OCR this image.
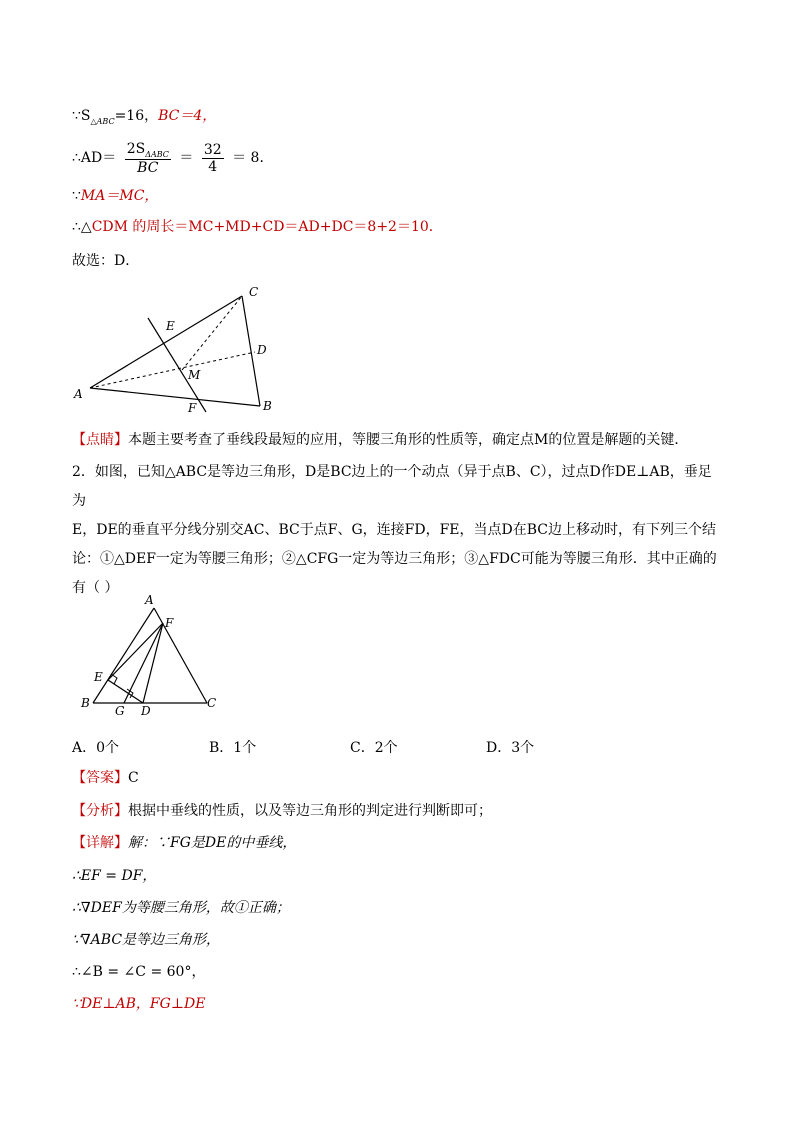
$\because S_{\triangle ABC}=16$，BC＝4，
∴AD＝ $\frac{2S_{\Delta ABC}}{BC} = \frac{32}{4} = 8$．
∵MA＝MC，
∴△CDM 的周长＝MC+MD+CD＝AD+DC＝8+2＝10．
故选：D．
C
E
D
M
A
F	B
【点睛】本题主要考查了垂线段最短的应用，等腰三角形的性质等，确定点M的位置是解题的关键．
2．如图，已知△ABC是等边三角形，D是BC边上的一个动点（异于点B、C），过点D作DE⊥AB，垂足为
E，DE的垂直平分线分别交AC、BC于点F、G，连接FD，FE，当点D在BC边上移动时，有下列三个结
论：①△DEF一定为等腰三角形；②△CFG一定为等边三角形；③△FDC可能为等腰三角形．其中正确的
有（ ）
A
F
E
B
G D
C
A．0个	B．1个	C．2个	D．3个
【答案】C
【分析】根据中垂线的性质，以及等边三角形的判定进行判断即可；
【详解】解：∵FG是DE的中垂线，
∴EF = DF，
∴∇DEF为等腰三角形，故①正确；
∵∇ABC是等边三角形，
∴∠B = ∠C = 60°，
∵DE⊥AB，FG⊥DE
